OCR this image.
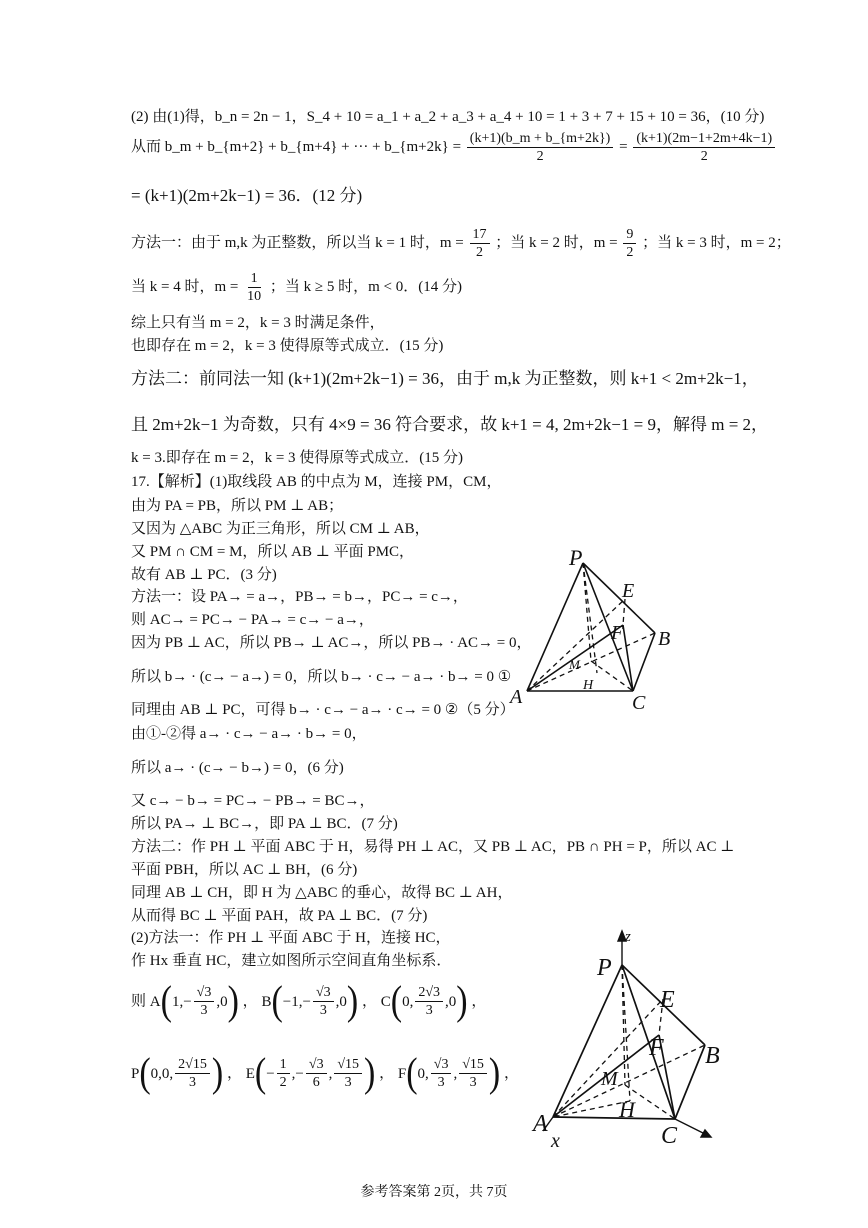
(2) 由(1)得，b_n = 2n − 1，S_4 + 10 = a_1 + a_2 + a_3 + a_4 + 10 = 1 + 3 + 7 + 15 + 10 = 36，(10 分)
从而 b_m + b_{m+2} + b_{m+4} + ··· + b_{m+2k} = $\frac{(k+1)(b\_m + b\_\{m+2k\})}{2} = \frac{(k+1)(2m-1+2m+4k-1)}{2}$
= (k+1)(2m+2k−1) = 36．(12 分)
方法一：由于 m,k 为正整数，所以当 k = 1 时，$m = \frac{17}{2}$ ；当 k = 2 时，$m = \frac{9}{2}$ ；当 k = 3 时，m = 2；
当 k = 4 时，$m = \frac{1}{10}$ ；当 k ≥ 5 时，m < 0．(14 分)
综上只有当 m = 2，k = 3 时满足条件，
也即存在 m = 2，k = 3 使得原等式成立．(15 分)
方法二：前同法一知 (k+1)(2m+2k−1) = 36，由于 m,k 为正整数，则 k+1 < 2m+2k−1，
且 2m+2k−1 为奇数，只有 4×9 = 36 符合要求，故 k+1 = 4, 2m+2k−1 = 9，解得 m = 2，
k = 3.即存在 m = 2，k = 3 使得原等式成立．(15 分)
17.【解析】(1)取线段 AB 的中点为 M，连接 PM，CM，
由为 PA = PB，所以 PM ⊥ AB；
又因为 △ABC 为正三角形，所以 CM ⊥ AB，
又 PM ∩ CM = M，所以 AB ⊥ 平面 PMC，
故有 AB ⊥ PC．(3 分)
方法一：设 PA→ = a→，PB→ = b→，PC→ = c→，
则 AC→ = PC→ − PA→ = c→ − a→，
因为 PB ⊥ AC，所以 PB→ ⊥ AC→，所以 PB→ · AC→ = 0，
所以 b→ · (c→ − a→) = 0，所以 b→ · c→ − a→ · b→ = 0 ①
同理由 AB ⊥ PC，可得 b→ · c→ − a→ · c→ = 0 ②（5 分）
由①-②得 a→ · c→ − a→ · b→ = 0，
所以 a→ · (c→ − b→) = 0，(6 分)
又 c→ − b→ = PC→ − PB→ = BC→，
所以 PA→ ⊥ BC→，即 PA ⊥ BC．(7 分)
方法二：作 PH ⊥ 平面 ABC 于 H，易得 PH ⊥ AC，又 PB ⊥ AC，PB ∩ PH = P，所以 AC ⊥
平面 PBH，所以 AC ⊥ BH，(6 分)
同理 AB ⊥ CH，即 H 为 △ABC 的垂心，故得 BC ⊥ AH，
从而得 BC ⊥ 平面 PAH，故 PA ⊥ BC．(7 分)
(2)方法一：作 PH ⊥ 平面 ABC 于 H，连接 HC，
作 Hx 垂直 HC，建立如图所示空间直角坐标系．
则 A ( 1, − $\frac{√3}{3} ,0$ ) ， B ( −1, − $\frac{√3}{3} ,0$ ) ， C ( 0, $\frac{2√3}{3} ,0$ ) ，
P ( 0,0, $\frac{2√15}{3}$ ) ， E ( − $\frac{1}{2}$ , − $\frac{√3}{6}$ , $\frac{√15}{3}$ ) ， F ( 0, $\frac{√3}{3}$ , $\frac{√15}{3}$ ) ，
P
E
F B
M
H
A	C
z
P
E
F B
M
H
A	C
x
参考答案第 2页，共 7页
